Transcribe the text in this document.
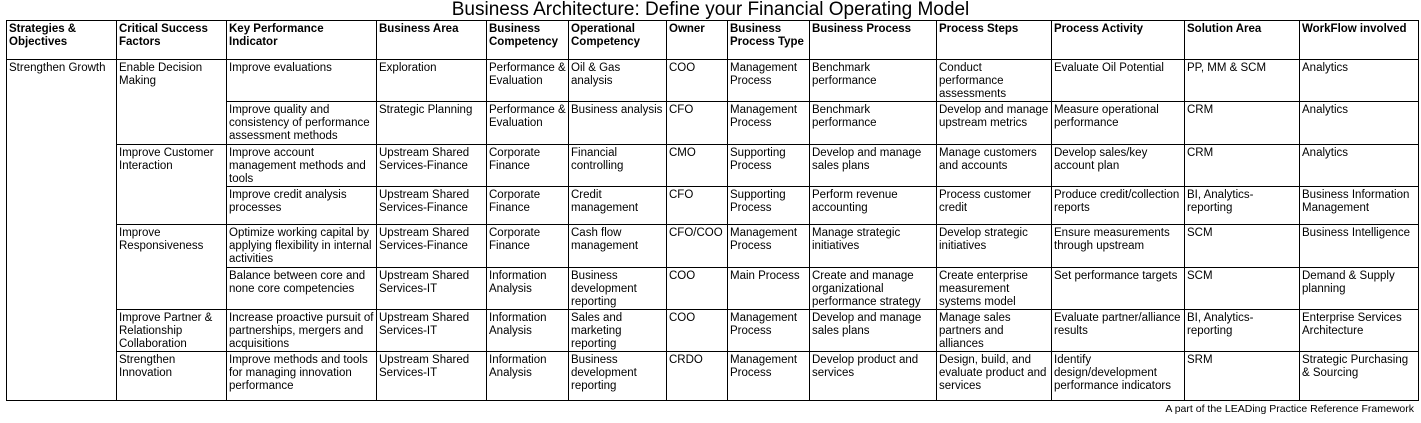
Business Architecture: Define your Financial Operating Model
Strategies & Objectives	Critical Success Factors	Key Performance Indicator	Business Area	Business Competency	Operational Competency	Owner	Business Process Type	Business Process	Process Steps	Process Activity	Solution Area	WorkFlow involved
Strengthen Growth	Enable Decision Making	Improve evaluations	Exploration	Performance & Evaluation	Oil & Gas analysis	COO	Management Process	Benchmark performance	Conduct performance assessments	Evaluate Oil Potential	PP, MM & SCM	Analytics
		Improve quality and consistency of performance assessment methods	Strategic Planning	Performance & Evaluation	Business analysis	CFO	Management Process	Benchmark performance	Develop and manage upstream metrics	Measure operational performance	CRM	Analytics
	Improve Customer Interaction	Improve account management methods and tools	Upstream Shared Services-Finance	Corporate Finance	Financial controlling	CMO	Supporting Process	Develop and manage sales plans	Manage customers and accounts	Develop sales/key account plan	CRM	Analytics
		Improve credit analysis processes	Upstream Shared Services-Finance	Corporate Finance	Credit management	CFO	Supporting Process	Perform revenue accounting	Process customer credit	Produce credit/collection reports	BI, Analytics-reporting	Business Information Management
	Improve Responsiveness	Optimize working capital by applying flexibility in internal activities	Upstream Shared Services-Finance	Corporate Finance	Cash flow management	CFO/COO	Management Process	Manage strategic initiatives	Develop strategic initiatives	Ensure measurements through upstream	SCM	Business Intelligence
		Balance between core and none core competencies	Upstream Shared Services-IT	Information Analysis	Business development reporting	COO	Main Process	Create and manage organizational performance strategy	Create enterprise measurement systems model	Set performance targets	SCM	Demand & Supply planning
	Improve Partner & Relationship Collaboration	Increase proactive pursuit of partnerships, mergers and acquisitions	Upstream Shared Services-IT	Information Analysis	Sales and marketing reporting	COO	Management Process	Develop and manage sales plans	Manage sales partners and alliances	Evaluate partner/alliance results	BI, Analytics-reporting	Enterprise Services Architecture
	Strengthen Innovation	Improve methods and tools for managing innovation performance	Upstream Shared Services-IT	Information Analysis	Business development reporting	CRDO	Management Process	Develop product and services	Design, build, and evaluate product and services	Identify design/development performance indicators	SRM	Strategic Purchasing & Sourcing
A part of the LEADing Practice Reference Framework
